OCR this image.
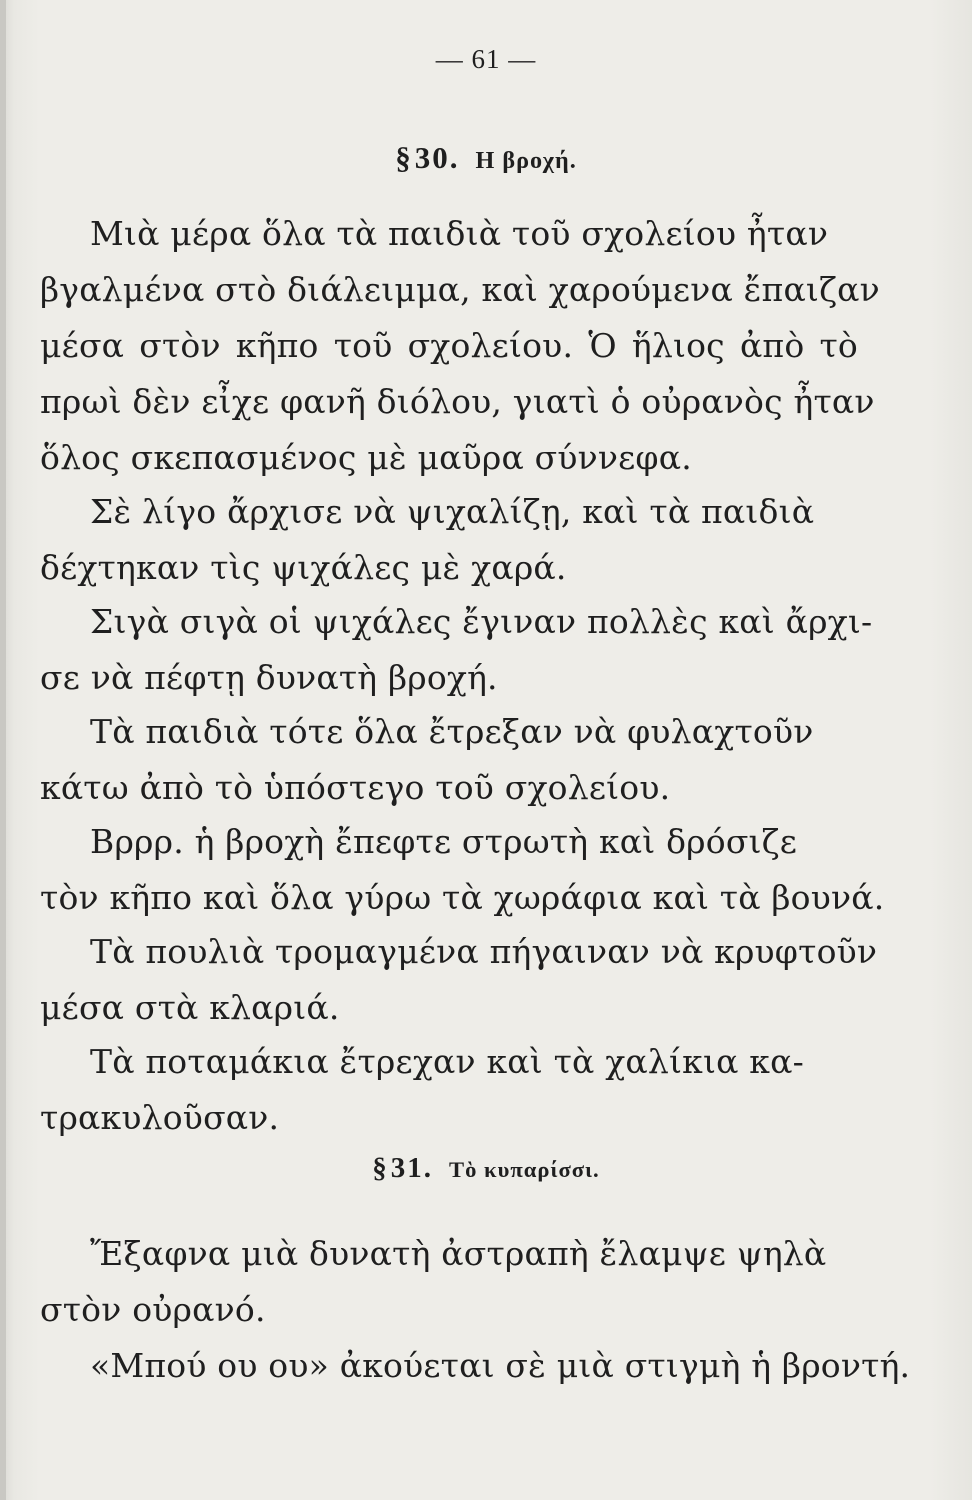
— 61 —
§ 30. Η βροχή.
Μιὰ μέρα ὅλα τὰ παιδιὰ τοῦ σχολείου ἦταν
βγαλμένα στὸ διάλειμμα, καὶ χαρούμενα ἔπαιζαν
μέσα στὸν κῆπο τοῦ σχολείου. Ὁ ἥλιος ἀπὸ τὸ
πρωὶ δὲν εἶχε φανῆ διόλου, γιατὶ ὁ οὐρανὸς ἦταν
ὅλος σκεπασμένος μὲ μαῦρα σύννεφα.
Σὲ λίγο ἄρχισε νὰ ψιχαλίζῃ, καὶ τὰ παιδιὰ
δέχτηκαν τὶς ψιχάλες μὲ χαρά.
Σιγὰ σιγὰ οἱ ψιχάλες ἔγιναν πολλὲς καὶ ἄρχι-
σε νὰ πέφτῃ δυνατὴ βροχή.
Τὰ παιδιὰ τότε ὅλα ἔτρεξαν νὰ φυλαχτοῦν
κάτω ἀπὸ τὸ ὑπόστεγο τοῦ σχολείου.
Βρρρ. ἡ βροχὴ ἔπεφτε στρωτὴ καὶ δρόσιζε
τὸν κῆπο καὶ ὅλα γύρω τὰ χωράφια καὶ τὰ βουνά.
Τὰ πουλιὰ τρομαγμένα πήγαιναν νὰ κρυφτοῦν
μέσα στὰ κλαριά.
Τὰ ποταμάκια ἔτρεχαν καὶ τὰ χαλίκια κα-
τρακυλοῦσαν.
§ 31. Τὸ κυπαρίσσι.
Ἔξαφνα μιὰ δυνατὴ ἀστραπὴ ἔλαμψε ψηλὰ
στὸν οὐρανό.
«Μπού ου ου» ἀκούεται σὲ μιὰ στιγμὴ ἡ βροντή.
